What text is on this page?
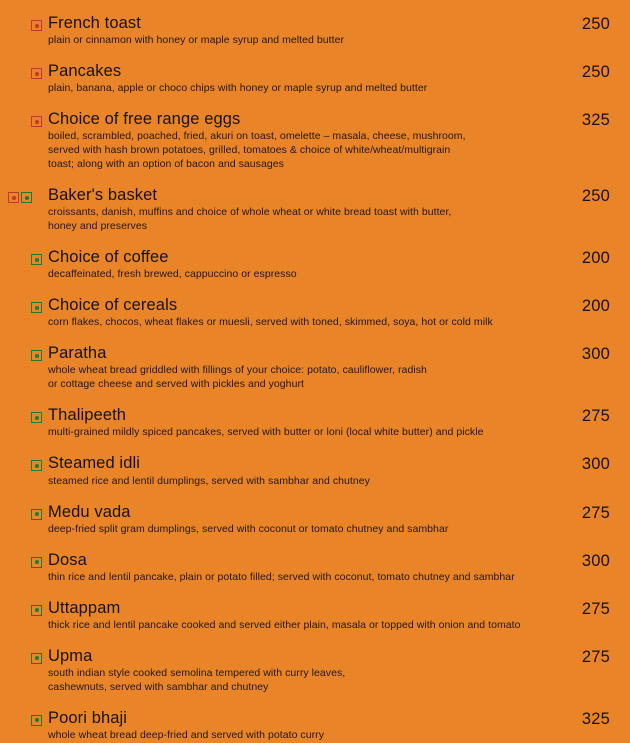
French toast
plain or cinnamon with honey or maple syrup and melted butter
250
Pancakes
plain, banana, apple or choco chips with honey or maple syrup and melted butter
250
Choice of free range eggs
boiled, scrambled, poached, fried, akuri on toast, omelette – masala, cheese, mushroom,
served with hash brown potatoes, grilled, tomatoes & choice of white/wheat/multigrain
toast; along with an option of bacon and sausages
325
Baker's basket
croissants, danish, muffins and choice of whole wheat or white bread toast with butter,
honey and preserves
250
Choice of coffee
decaffeinated, fresh brewed, cappuccino or espresso
200
Choice of cereals
corn flakes, chocos, wheat flakes or muesli, served with toned, skimmed, soya, hot or cold milk
200
Paratha
whole wheat bread griddled with fillings of your choice: potato, cauliflower, radish
or cottage cheese and served with pickles and yoghurt
300
Thalipeeth
multi-grained mildly spiced pancakes, served with butter or loni (local white butter) and pickle
275
Steamed idli
steamed rice and lentil dumplings, served with sambhar and chutney
300
Medu vada
deep-fried split gram dumplings, served with coconut or tomato chutney and sambhar
275
Dosa
thin rice and lentil pancake, plain or potato filled; served with coconut, tomato chutney and sambhar
300
Uttappam
thick rice and lentil pancake cooked and served either plain, masala or topped with onion and tomato
275
Upma
south indian style cooked semolina tempered with curry leaves,
cashewnuts, served with sambhar and chutney
275
Poori bhaji
whole wheat bread deep-fried and served with potato curry
325
